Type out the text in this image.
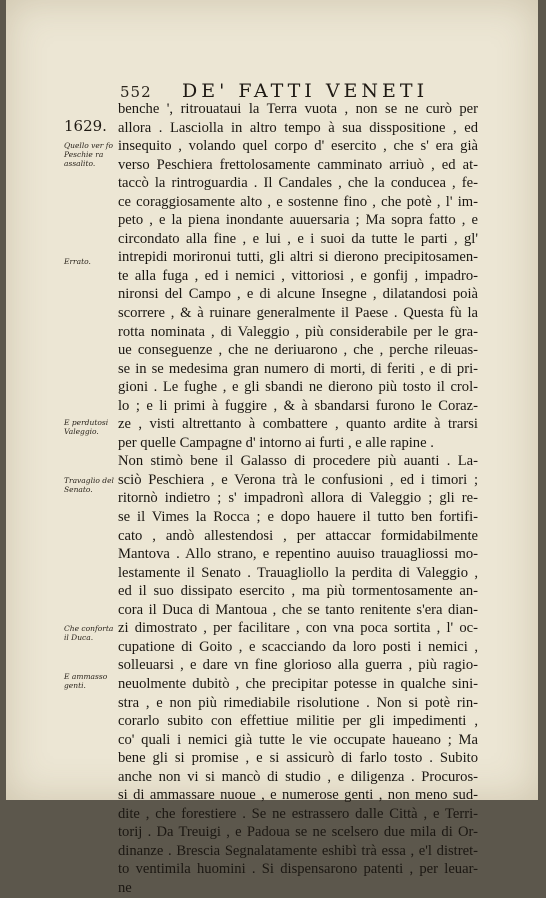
552 DE' FATTI VENETI
1629.
Quello ver fo Peschie ra assalito.
Errato.
E perdutosi Valeggio.
Travaglio del Senato.
Che conforta il Duca.
E ammasso genti.
benche ', ritrouataui la Terra vuota , non se ne curò per
allora . Lasciolla in altro tempo à sua disspositione , ed
insequito , volando quel corpo d' esercito , che s' era già
verso Peschiera frettolosamente camminato arriuò , ed at-
taccò la rintroguardia . Il Candales , che la conducea , fe-
ce coraggiosamente alto , e sostenne fino , che potè , l' im-
peto , e la piena inondante auuersaria ; Ma sopra fatto , e
circondato alla fine , e lui , e i suoi da tutte le parti , gl'
intrepidi morironui tutti, gli altri si dierono precipitosamen-
te alla fuga , ed i nemici , vittoriosi , e gonfij , impadro-
nironsi del Campo , e di alcune Insegne , dilatandosi poià
scorrere , & à ruinare generalmente il Paese . Questa fù la
rotta nominata , di Valeggio , più considerabile per le gra-
ue conseguenze , che ne deriuarono , che , perche rileuas-
se in se medesima gran numero di morti, di feriti , e di pri-
gioni . Le fughe , e gli sbandi ne dierono più tosto il crol-
lo ; e li primi à fuggire , & à sbandarsi furono le Coraz-
ze , visti altrettanto à combattere , quanto ardite à trarsi
per quelle Campagne d' intorno ai furti , e alle rapine .
Non stimò bene il Galasso di procedere più auanti . La-
sciò Peschiera , e Verona trà le confusioni , ed i timori ;
ritornò indietro ; s' impadronì allora di Valeggio ; gli re-
se il Vimes la Rocca ; e dopo hauere il tutto ben fortifi-
cato , andò allestendosi , per attaccar formidabilmente
Mantova . Allo strano, e repentino auuiso trauagliossi mo-
lestamente il Senato . Trauagliollo la perdita di Valeggio ,
ed il suo dissipato esercito , ma più tormentosamente an-
cora il Duca di Mantoua , che se tanto renitente s'era dian-
zi dimostrato , per facilitare , con vna poca sortita , l' oc-
cupatione di Goito , e scacciando da loro posti i nemici ,
solleuarsi , e dare vn fine glorioso alla guerra , più ragio-
neuolmente dubitò , che precipitar potesse in qualche sini-
stra , e non più rimediabile risolutione . Non si potè rin-
corarlo subito con effettiue militie per gli impedimenti ,
co' quali i nemici già tutte le vie occupate haueano ; Ma
bene gli si promise , e si assicurò di farlo tosto . Subito
anche non vi si mancò di studio , e diligenza . Procuros-
si di ammassare nuoue , e numerose genti , non meno sud-
dite , che forestiere . Se ne estrassero dalle Città , e Terri-
torij . Da Treuigi , e Padoua se ne scelsero due mila di Or-
dinanze . Brescia Segnalatamente eshibì trà essa , e'l distret-
to ventimila huomini . Si dispensarono patenti , per leuar-
ne
